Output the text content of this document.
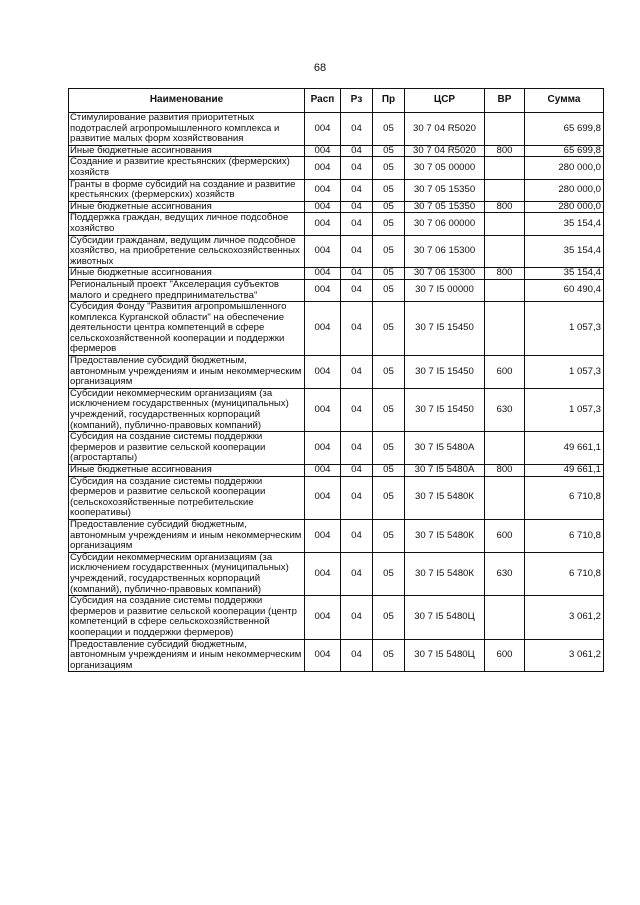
68
Наименование	Расп	Рз	Пр	ЦСР	ВР	Сумма
Стимулирование развития приоритетных подотраслей агропромышленного комплекса и развитие малых форм хозяйствования	004	04	05	30 7 04 R5020		65 699,8
Иные бюджетные ассигнования	004	04	05	30 7 04 R5020	800	65 699,8
Создание и развитие крестьянских (фермерских) хозяйств	004	04	05	30 7 05 00000		280 000,0
Гранты в форме субсидий на создание и развитие крестьянских (фермерских) хозяйств	004	04	05	30 7 05 15350		280 000,0
Иные бюджетные ассигнования	004	04	05	30 7 05 15350	800	280 000,0
Поддержка граждан, ведущих личное подсобное хозяйство	004	04	05	30 7 06 00000		35 154,4
Субсидии гражданам, ведущим личное подсобное хозяйство, на приобретение сельскохозяйственных животных	004	04	05	30 7 06 15300		35 154,4
Иные бюджетные ассигнования	004	04	05	30 7 06 15300	800	35 154,4
Региональный проект "Акселерация субъектов малого и среднего предпринимательства"	004	04	05	30 7 I5 00000		60 490,4
Субсидия Фонду "Развития агропромышленного комплекса Курганской области" на обеспечение деятельности центра компетенций в сфере сельскохозяйственной кооперации и поддержки фермеров	004	04	05	30 7 I5 15450		1 057,3
Предоставление субсидий бюджетным, автономным учреждениям и иным некоммерческим организациям	004	04	05	30 7 I5 15450	600	1 057,3
Субсидии некоммерческим организациям (за исключением государственных (муниципальных) учреждений, государственных корпораций (компаний), публично-правовых компаний)	004	04	05	30 7 I5 15450	630	1 057,3
Субсидия на создание системы поддержки фермеров и развитие сельской кооперации (агростартапы)	004	04	05	30 7 I5 5480A		49 661,1
Иные бюджетные ассигнования	004	04	05	30 7 I5 5480A	800	49 661,1
Субсидия на создание системы поддержки фермеров и развитие сельской кооперации (сельскохозяйственные потребительские кооперативы)	004	04	05	30 7 I5 5480К		6 710,8
Предоставление субсидий бюджетным, автономным учреждениям и иным некоммерческим организациям	004	04	05	30 7 I5 5480К	600	6 710,8
Субсидии некоммерческим организациям (за исключением государственных (муниципальных) учреждений, государственных корпораций (компаний), публично-правовых компаний)	004	04	05	30 7 I5 5480К	630	6 710,8
Субсидия на создание системы поддержки фермеров и развитие сельской кооперации (центр компетенций в сфере сельскохозяйственной кооперации и поддержки фермеров)	004	04	05	30 7 I5 5480Ц		3 061,2
Предоставление субсидий бюджетным, автономным учреждениям и иным некоммерческим организациям	004	04	05	30 7 I5 5480Ц	600	3 061,2
